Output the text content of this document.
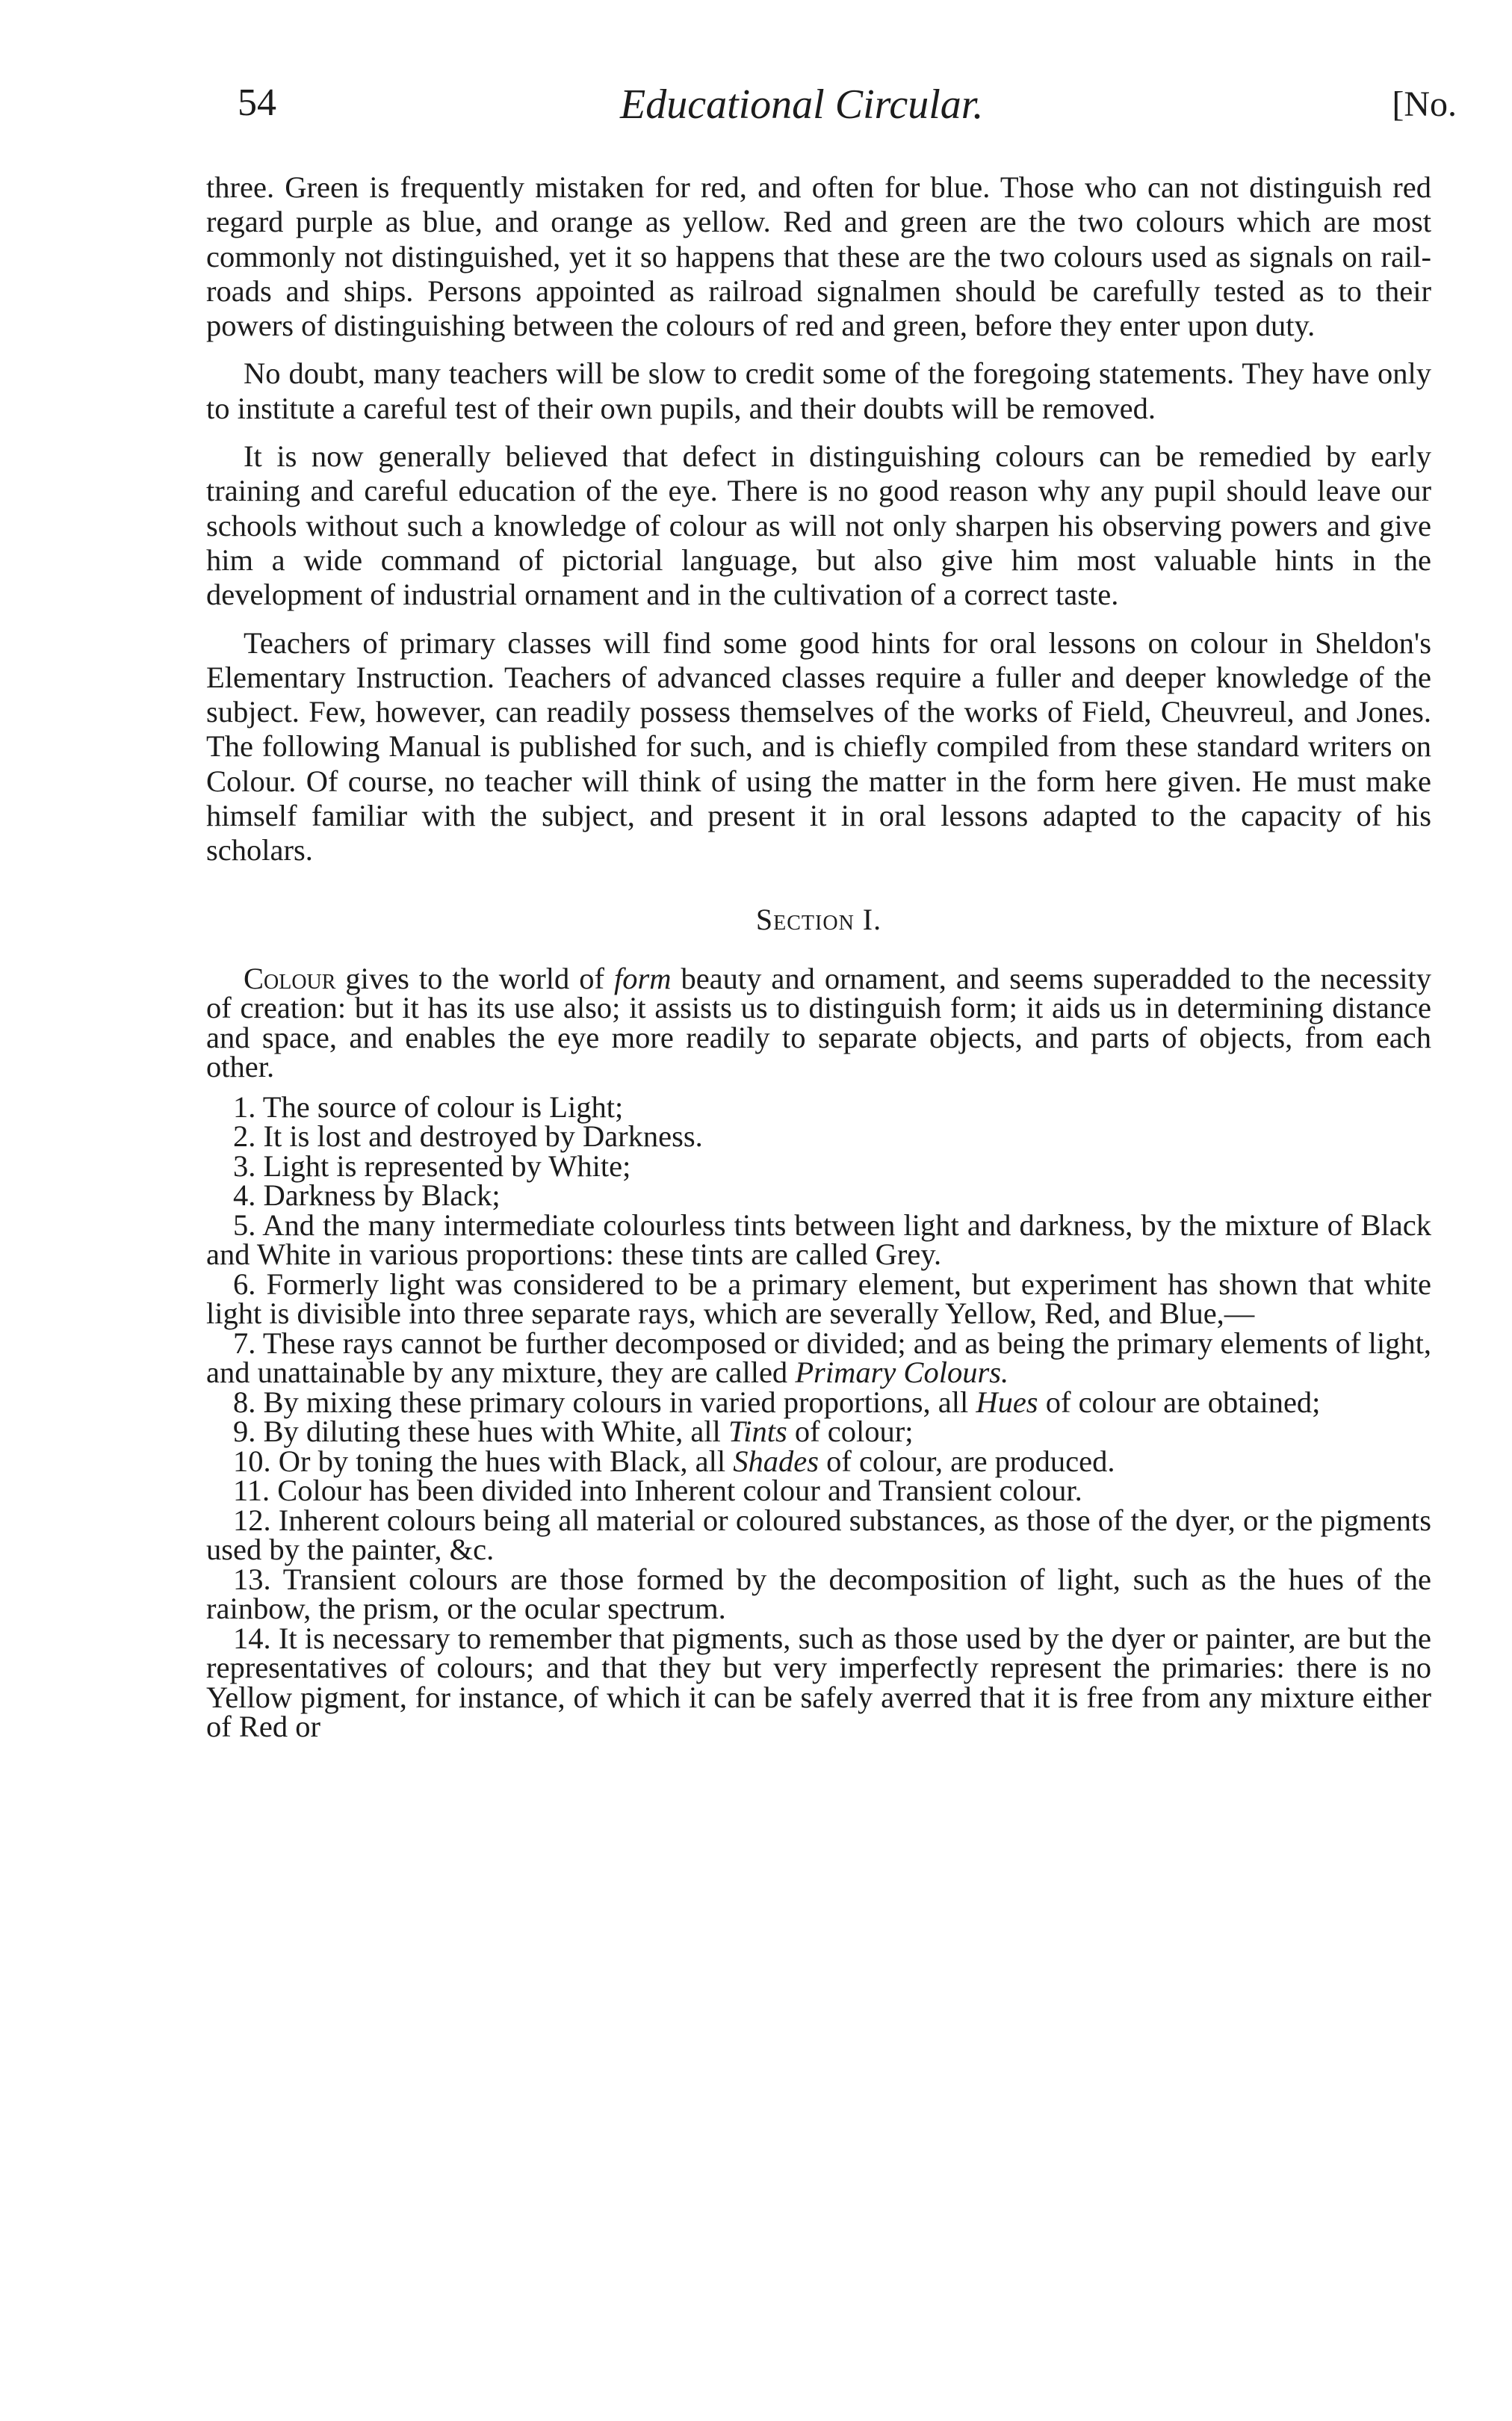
54	Educational Circular.	[No.

three. Green is frequently mistaken for red, and often for blue. Those who can not distinguish red regard purple as blue, and orange as yellow. Red and green are the two colours which are most commonly not distinguished, yet it so happens that these are the two colours used as signals on rail-roads and ships. Persons appointed as railroad signalmen should be carefully tested as to their powers of distinguishing between the colours of red and green, before they enter upon duty.

No doubt, many teachers will be slow to credit some of the foregoing statements. They have only to institute a careful test of their own pupils, and their doubts will be removed.

It is now generally believed that defect in distinguishing colours can be remedied by early training and careful education of the eye. There is no good reason why any pupil should leave our schools without such a knowledge of colour as will not only sharpen his observing powers and give him a wide command of pictorial language, but also give him most valuable hints in the development of industrial ornament and in the cultivation of a correct taste.

Teachers of primary classes will find some good hints for oral lessons on colour in Sheldon's Elementary Instruction. Teachers of advanced classes require a fuller and deeper knowledge of the subject. Few, however, can readily possess themselves of the works of Field, Cheuvreul, and Jones. The following Manual is published for such, and is chiefly compiled from these standard writers on Colour. Of course, no teacher will think of using the matter in the form here given. He must make himself familiar with the subject, and present it in oral lessons adapted to the capacity of his scholars.

Section I.

Colour gives to the world of form beauty and ornament, and seems superadded to the necessity of creation: but it has its use also; it assists us to distinguish form; it aids us in determining distance and space, and enables the eye more readily to separate objects, and parts of objects, from each other.

1. The source of colour is Light;
2. It is lost and destroyed by Darkness.
3. Light is represented by White;
4. Darkness by Black;
5. And the many intermediate colourless tints between light and darkness, by the mixture of Black and White in various proportions: these tints are called Grey.
6. Formerly light was considered to be a primary element, but experiment has shown that white light is divisible into three separate rays, which are severally Yellow, Red, and Blue,—
7. These rays cannot be further decomposed or divided; and as being the primary elements of light, and unattainable by any mixture, they are called Primary Colours.
8. By mixing these primary colours in varied proportions, all Hues of colour are obtained;
9. By diluting these hues with White, all Tints of colour;
10. Or by toning the hues with Black, all Shades of colour, are produced.
11. Colour has been divided into Inherent colour and Transient colour.
12. Inherent colours being all material or coloured substances, as those of the dyer, or the pigments used by the painter, &c.
13. Transient colours are those formed by the decomposition of light, such as the hues of the rainbow, the prism, or the ocular spectrum.
14. It is necessary to remember that pigments, such as those used by the dyer or painter, are but the representatives of colours; and that they but very imperfectly represent the primaries: there is no Yellow pigment, for instance, of which it can be safely averred that it is free from any mixture either of Red or
